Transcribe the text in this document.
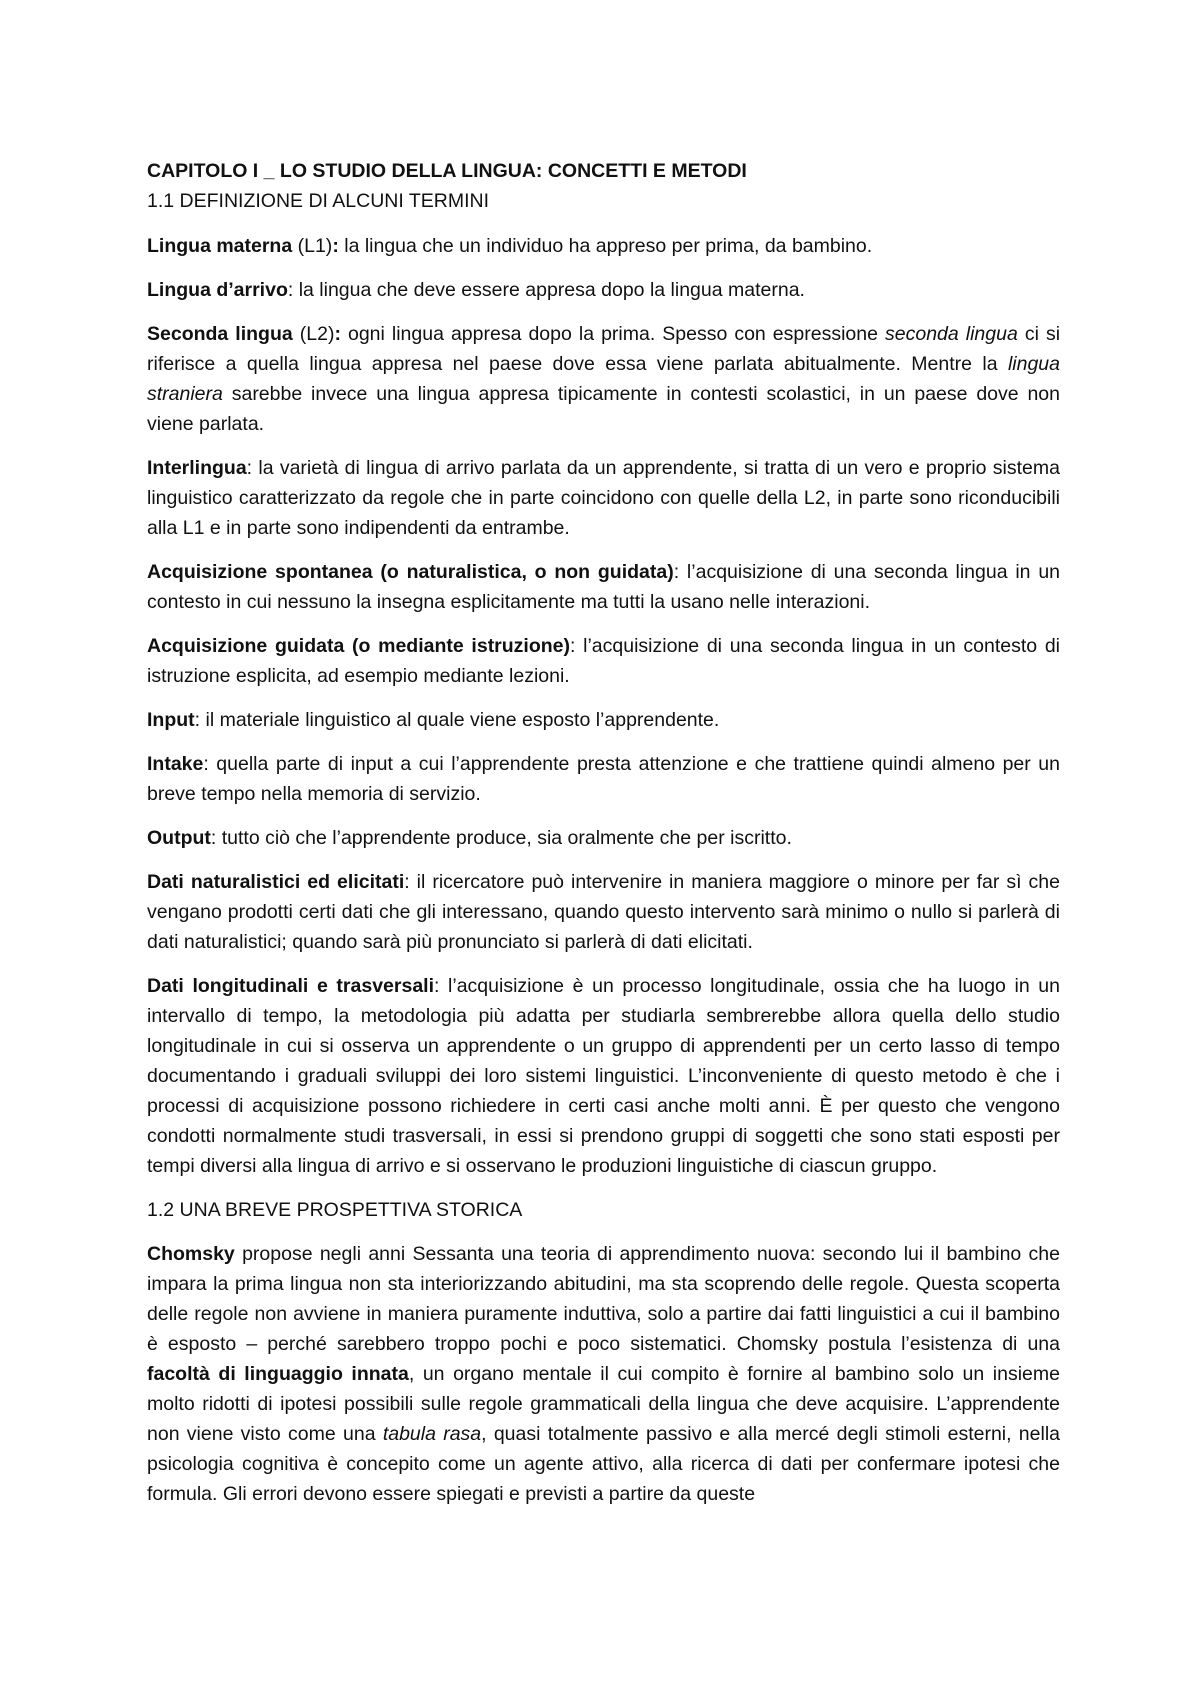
CAPITOLO I _ LO STUDIO DELLA LINGUA: CONCETTI E METODI

1.1 DEFINIZIONE DI ALCUNI TERMINI

Lingua materna (L1): la lingua che un individuo ha appreso per prima, da bambino.

Lingua d’arrivo: la lingua che deve essere appresa dopo la lingua materna.

Seconda lingua (L2): ogni lingua appresa dopo la prima. Spesso con espressione seconda lingua ci si riferisce a quella lingua appresa nel paese dove essa viene parlata abitualmente. Mentre la lingua straniera sarebbe invece una lingua appresa tipicamente in contesti scolastici, in un paese dove non viene parlata.

Interlingua: la varietà di lingua di arrivo parlata da un apprendente, si tratta di un vero e proprio sistema linguistico caratterizzato da regole che in parte coincidono con quelle della L2, in parte sono riconducibili alla L1 e in parte sono indipendenti da entrambe.

Acquisizione spontanea (o naturalistica, o non guidata): l’acquisizione di una seconda lingua in un contesto in cui nessuno la insegna esplicitamente ma tutti la usano nelle interazioni.

Acquisizione guidata (o mediante istruzione): l’acquisizione di una seconda lingua in un contesto di istruzione esplicita, ad esempio mediante lezioni.

Input: il materiale linguistico al quale viene esposto l’apprendente.

Intake: quella parte di input a cui l’apprendente presta attenzione e che trattiene quindi almeno per un breve tempo nella memoria di servizio.

Output: tutto ciò che l’apprendente produce, sia oralmente che per iscritto.

Dati naturalistici ed elicitati: il ricercatore può intervenire in maniera maggiore o minore per far sì che vengano prodotti certi dati che gli interessano, quando questo intervento sarà minimo o nullo si parlerà di dati naturalistici; quando sarà più pronunciato si parlerà di dati elicitati.

Dati longitudinali e trasversali: l’acquisizione è un processo longitudinale, ossia che ha luogo in un intervallo di tempo, la metodologia più adatta per studiarla sembrerebbe allora quella dello studio longitudinale in cui si osserva un apprendente o un gruppo di apprendenti per un certo lasso di tempo documentando i graduali sviluppi dei loro sistemi linguistici. L’inconveniente di questo metodo è che i processi di acquisizione possono richiedere in certi casi anche molti anni. È per questo che vengono condotti normalmente studi trasversali, in essi si prendono gruppi di soggetti che sono stati esposti per tempi diversi alla lingua di arrivo e si osservano le produzioni linguistiche di ciascun gruppo.

1.2 UNA BREVE PROSPETTIVA STORICA

Chomsky propose negli anni Sessanta una teoria di apprendimento nuova: secondo lui il bambino che impara la prima lingua non sta interiorizzando abitudini, ma sta scoprendo delle regole. Questa scoperta delle regole non avviene in maniera puramente induttiva, solo a partire dai fatti linguistici a cui il bambino è esposto – perché sarebbero troppo pochi e poco sistematici. Chomsky postula l’esistenza di una facoltà di linguaggio innata, un organo mentale il cui compito è fornire al bambino solo un insieme molto ridotti di ipotesi possibili sulle regole grammaticali della lingua che deve acquisire. L’apprendente non viene visto come una tabula rasa, quasi totalmente passivo e alla mercé degli stimoli esterni, nella psicologia cognitiva è concepito come un agente attivo, alla ricerca di dati per confermare ipotesi che formula. Gli errori devono essere spiegati e previsti a partire da queste
